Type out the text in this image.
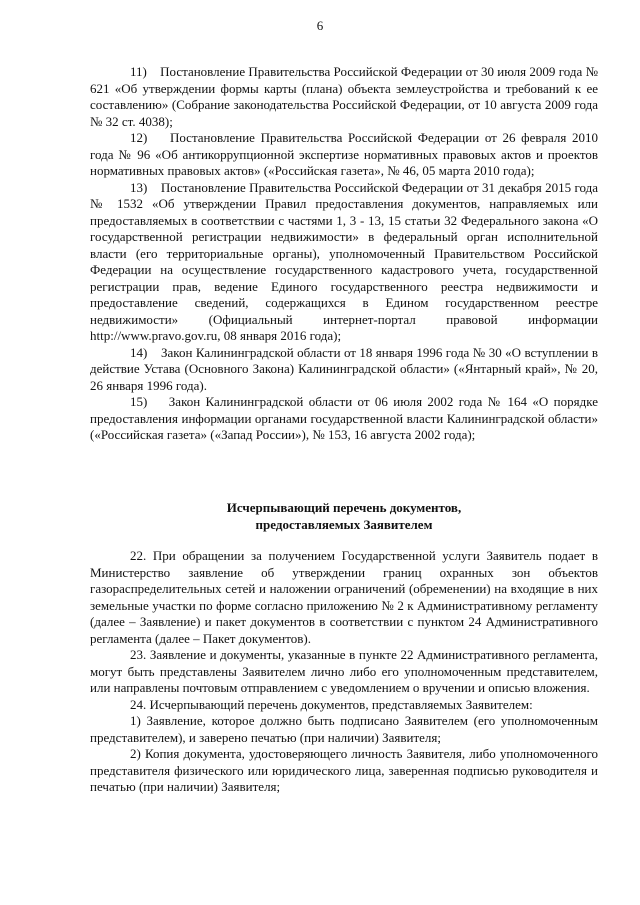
6

11)    Постановление Правительства Российской Федерации от 30 июля 2009 года № 621 «Об утверждении формы карты (плана) объекта землеустройства и требований к ее составлению» (Собрание законодательства Российской Федерации, от 10 августа 2009 года № 32 ст. 4038);

12)    Постановление Правительства Российской Федерации от 26 февраля 2010 года № 96 «Об антикоррупционной экспертизе нормативных правовых актов и проектов нормативных правовых актов» («Российская газета», № 46, 05 марта 2010 года);

13)    Постановление Правительства Российской Федерации от 31 декабря 2015 года № 1532 «Об утверждении Правил предоставления документов, направляемых или предоставляемых в соответствии с частями 1, 3 - 13, 15 статьи 32 Федерального закона «О государственной регистрации недвижимости» в федеральный орган исполнительной власти (его территориальные органы), уполномоченный Правительством Российской Федерации на осуществление государственного кадастрового учета, государственной регистрации прав, ведение Единого государственного реестра недвижимости и предоставление сведений, содержащихся в Едином государственном реестре недвижимости» (Официальный интернет-портал правовой информации http://www.pravo.gov.ru, 08 января 2016 года);

14)    Закон Калининградской области от 18 января 1996 года № 30 «О вступлении в действие Устава (Основного Закона) Калининградской области» («Янтарный край», № 20, 26 января 1996 года).

15)    Закон Калининградской области от 06 июля 2002 года № 164 «О порядке предоставления информации органами государственной власти Калининградской области» («Российская газета» («Запад России»), № 153, 16 августа 2002 года);

Исчерпывающий перечень документов,
предоставляемых Заявителем

22. При обращении за получением Государственной услуги Заявитель подает в Министерство заявление об утверждении границ охранных зон объектов газораспределительных сетей и наложении ограничений (обременении) на входящие в них земельные участки по форме согласно приложению № 2 к Административному регламенту (далее – Заявление) и пакет документов в соответствии с пунктом 24 Административного регламента (далее – Пакет документов).

23. Заявление и документы, указанные в пункте 22 Административного регламента, могут быть представлены Заявителем лично либо его уполномоченным представителем, или направлены почтовым отправлением с уведомлением о вручении и описью вложения.

24. Исчерпывающий перечень документов, представляемых Заявителем:

1) Заявление, которое должно быть подписано Заявителем (его уполномоченным представителем), и заверено печатью (при наличии) Заявителя;

2) Копия документа, удостоверяющего личность Заявителя, либо уполномоченного представителя физического или юридического лица, заверенная подписью руководителя и печатью (при наличии) Заявителя;
